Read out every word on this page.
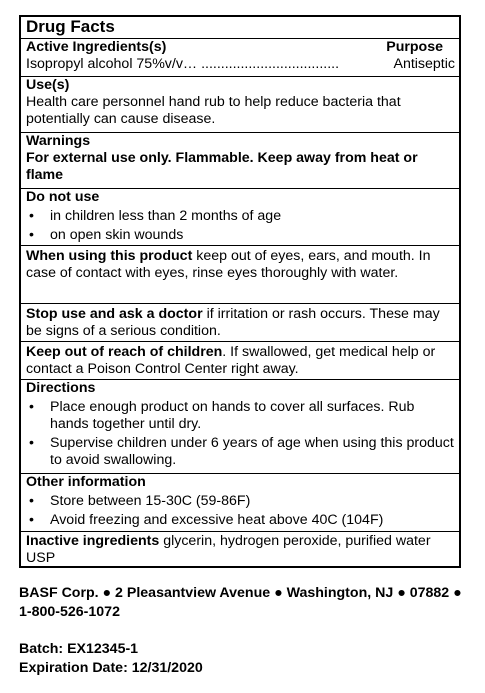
Drug Facts
Active Ingredients(s)	Purpose
Isopropyl alcohol 75%v/v… ...................................	Antiseptic
Use(s)
Health care personnel hand rub to help reduce bacteria that potentially can cause disease.
Warnings
For external use only. Flammable. Keep away from heat or flame
Do not use
• in children less than 2 months of age
• on open skin wounds
When using this product keep out of eyes, ears, and mouth. In case of contact with eyes, rinse eyes thoroughly with water.
Stop use and ask a doctor if irritation or rash occurs. These may be signs of a serious condition.
Keep out of reach of children. If swallowed, get medical help or contact a Poison Control Center right away.
Directions
• Place enough product on hands to cover all surfaces. Rub hands together until dry.
• Supervise children under 6 years of age when using this product to avoid swallowing.
Other information
• Store between 15-30C (59-86F)
• Avoid freezing and excessive heat above 40C (104F)
Inactive ingredients glycerin, hydrogen peroxide, purified water USP
BASF Corp. ● 2 Pleasantview Avenue ● Washington, NJ ● 07882 ● 1-800-526-1072
Batch: EX12345-1
Expiration Date: 12/31/2020
